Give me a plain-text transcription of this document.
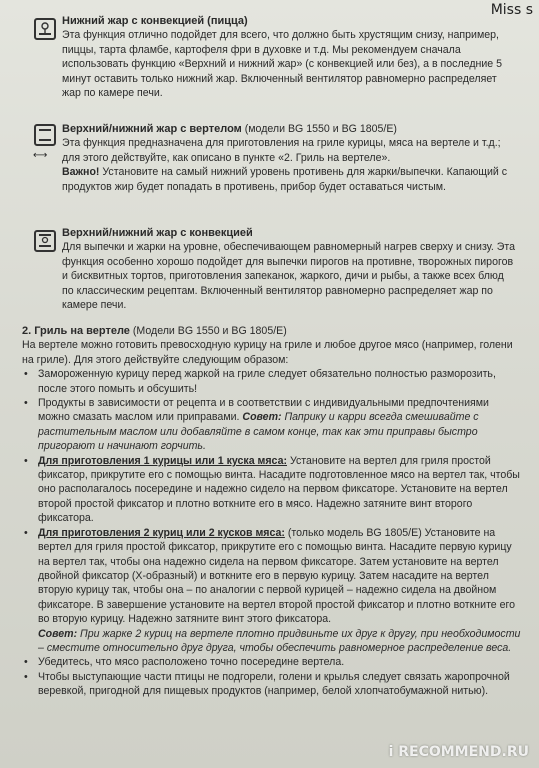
Miss s
Нижний жар с конвекцией (пицца)

Эта функция отлично подойдет для всего, что должно быть хрустящим снизу, например, пиццы, тарта фламбе, картофеля фри в духовке и т.д. Мы рекомендуем сначала использовать функцию «Верхний и нижний жар» (с конвекцией или без), а в последние 5 минут оставить только нижний жар. Включенный вентилятор равномерно распределяет жар по камере печи.

⟷
Верхний/нижний жар с вертелом (модели BG 1550 и BG 1805/E)

Эта функция предназначена для приготовления на гриле курицы, мяса на вертеле и т.д.; для этого действуйте, как описано в пункте «2. Гриль на вертеле».

Важно! Установите на самый нижний уровень противень для жарки/выпечки. Капающий с продуктов жир будет попадать в противень, прибор будет оставаться чистым.

Верхний/нижний жар с конвекцией

Для выпечки и жарки на уровне, обеспечивающем равномерный нагрев сверху и снизу. Эта функция особенно хорошо подойдет для выпечки пирогов на противне, творожных пирогов и бисквитных тортов, приготовления запеканок, жаркого, дичи и рыбы, а также всех блюд по классическим рецептам. Включенный вентилятор равномерно распределяет жар по камере печи.

2. Гриль на вертеле (Модели BG 1550 и BG 1805/E)

На вертеле можно готовить превосходную курицу на гриле и любое другое мясо (например, голени на гриле). Для этого действуйте следующим образом:

• Замороженную курицу перед жаркой на гриле следует обязательно полностью разморозить, после этого помыть и обсушить!

• Продукты в зависимости от рецепта и в соответствии с индивидуальными предпочтениями можно смазать маслом или приправами. Совет: Паприку и карри всегда смешивайте с растительным маслом или добавляйте в самом конце, так как эти приправы быстро пригорают и начинают горчить.

• Для приготовления 1 курицы или 1 куска мяса: Установите на вертел для гриля простой фиксатор, прикрутите его с помощью винта. Насадите подготовленное мясо на вертел так, чтобы оно располагалось посередине и надежно сидело на первом фиксаторе. Установите на вертел второй простой фиксатор и плотно воткните его в мясо. Надежно затяните винт второго фиксатора.

• Для приготовления 2 куриц или 2 кусков мяса: (только модель BG 1805/E) Установите на вертел для гриля простой фиксатор, прикрутите его с помощью винта. Насадите первую курицу на вертел так, чтобы она надежно сидела на первом фиксаторе. Затем установите на вертел двойной фиксатор (X-образный) и воткните его в первую курицу. Затем насадите на вертел вторую курицу так, чтобы она – по аналогии с первой курицей – надежно сидела на двойном фиксаторе. В завершение установите на вертел второй простой фиксатор и плотно воткните его во вторую курицу. Надежно затяните винт этого фиксатора.

Совет: При жарке 2 куриц на вертеле плотно придвиньте их друг к другу, при необходимости – сместите относительно друг друга, чтобы обеспечить равномерное распределение веса.

• Убедитесь, что мясо расположено точно посередине вертела.

• Чтобы выступающие части птицы не подгорели, голени и крылья следует связать жаропрочной веревкой, пригодной для пищевых продуктов (например, белой хлопчатобумажной нитью).

i RECOMMEND.RU
